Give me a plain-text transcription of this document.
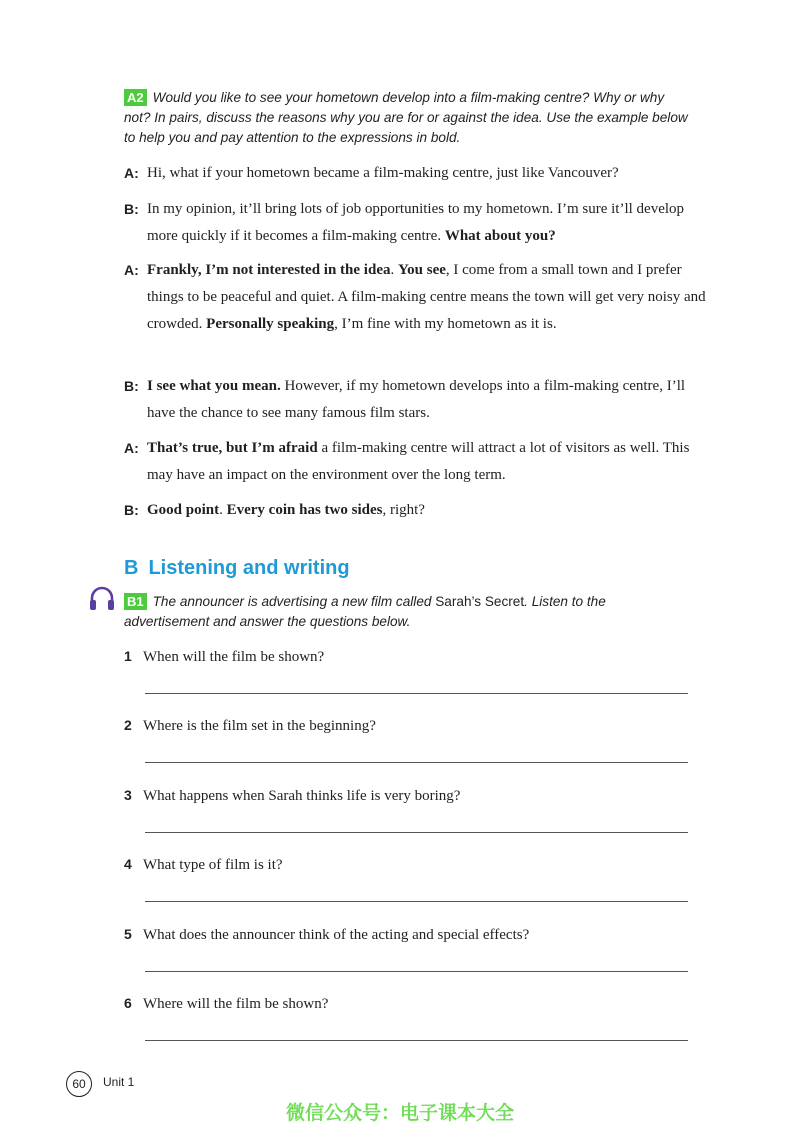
A2 Would you like to see your hometown develop into a film-making centre? Why or why not? In pairs, discuss the reasons why you are for or against the idea. Use the example below to help you and pay attention to the expressions in bold.
A: Hi, what if your hometown became a film-making centre, just like Vancouver?
B: In my opinion, it’ll bring lots of job opportunities to my hometown. I’m sure it’ll develop more quickly if it becomes a film-making centre. What about you?
A: Frankly, I’m not interested in the idea. You see, I come from a small town and I prefer things to be peaceful and quiet. A film-making centre means the town will get very noisy and crowded. Personally speaking, I’m fine with my hometown as it is.
B: I see what you mean. However, if my hometown develops into a film-making centre, I’ll have the chance to see many famous film stars.
A: That’s true, but I’m afraid a film-making centre will attract a lot of visitors as well. This may have an impact on the environment over the long term.
B: Good point. Every coin has two sides, right?
B Listening and writing
B1 The announcer is advertising a new film called Sarah’s Secret. Listen to the advertisement and answer the questions below.
1 When will the film be shown?
2 Where is the film set in the beginning?
3 What happens when Sarah thinks life is very boring?
4 What type of film is it?
5 What does the announcer think of the acting and special effects?
6 Where will the film be shown?
60	Unit 1
微信公众号：电子课本大全
